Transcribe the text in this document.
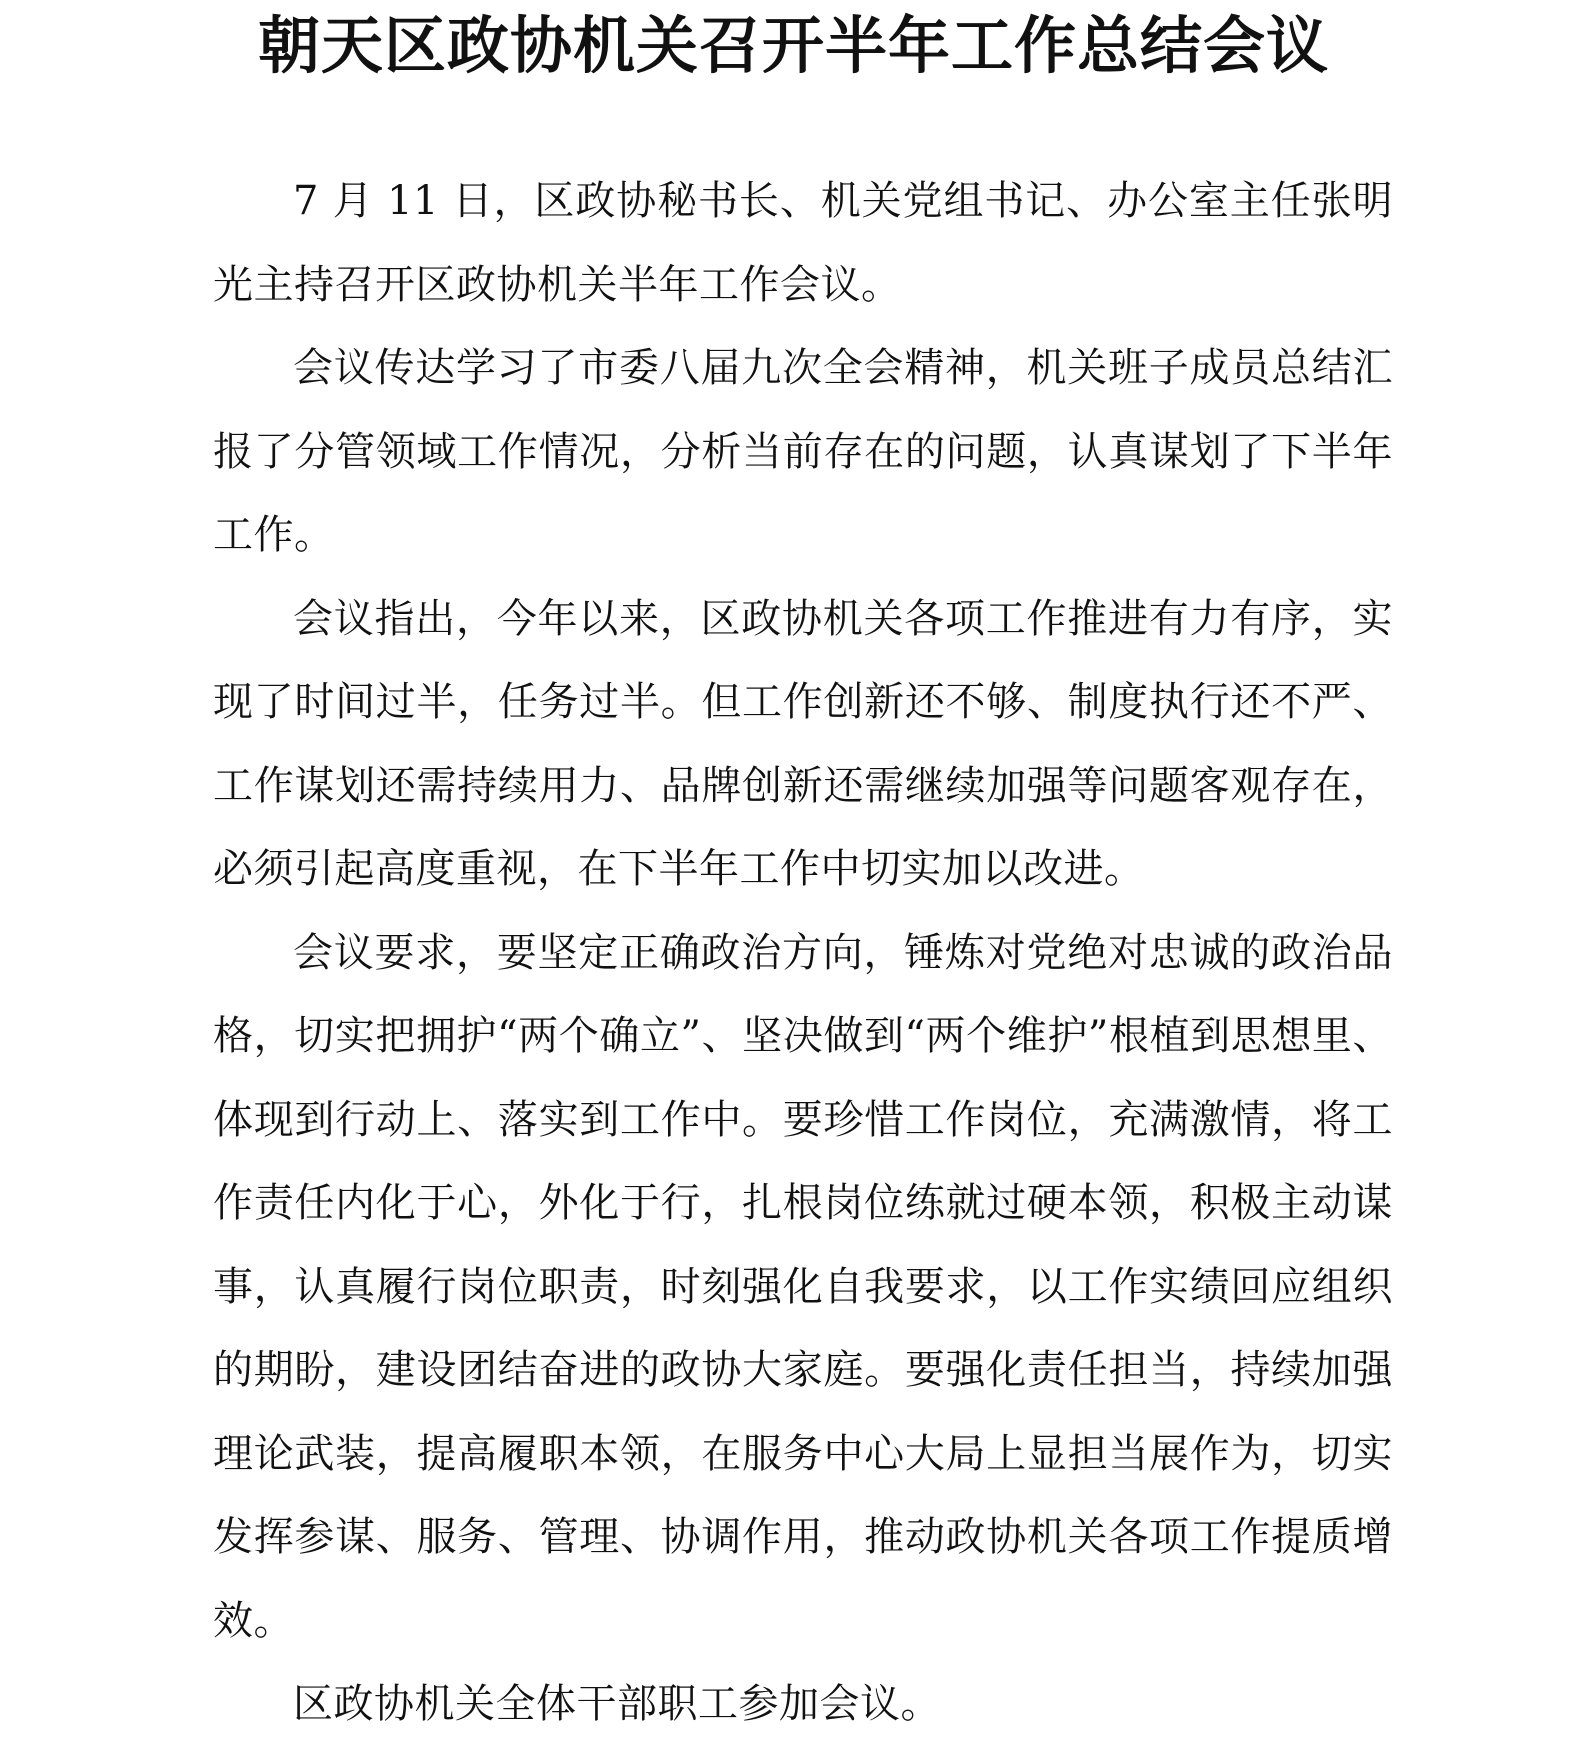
朝天区政协机关召开半年工作总结会议

7 月 11 日，区政协秘书长、机关党组书记、办公室主任张明光主持召开区政协机关半年工作会议。

会议传达学习了市委八届九次全会精神，机关班子成员总结汇报了分管领域工作情况，分析当前存在的问题，认真谋划了下半年工作。

会议指出，今年以来，区政协机关各项工作推进有力有序，实现了时间过半，任务过半。但工作创新还不够、制度执行还不严、工作谋划还需持续用力、品牌创新还需继续加强等问题客观存在，必须引起高度重视，在下半年工作中切实加以改进。

会议要求，要坚定正确政治方向，锤炼对党绝对忠诚的政治品格，切实把拥护“两个确立”、坚决做到“两个维护”根植到思想里、体现到行动上、落实到工作中。要珍惜工作岗位，充满激情，将工作责任内化于心，外化于行，扎根岗位练就过硬本领，积极主动谋事，认真履行岗位职责，时刻强化自我要求，以工作实绩回应组织的期盼，建设团结奋进的政协大家庭。要强化责任担当，持续加强理论武装，提高履职本领，在服务中心大局上显担当展作为，切实发挥参谋、服务、管理、协调作用，推动政协机关各项工作提质增效。

区政协机关全体干部职工参加会议。
